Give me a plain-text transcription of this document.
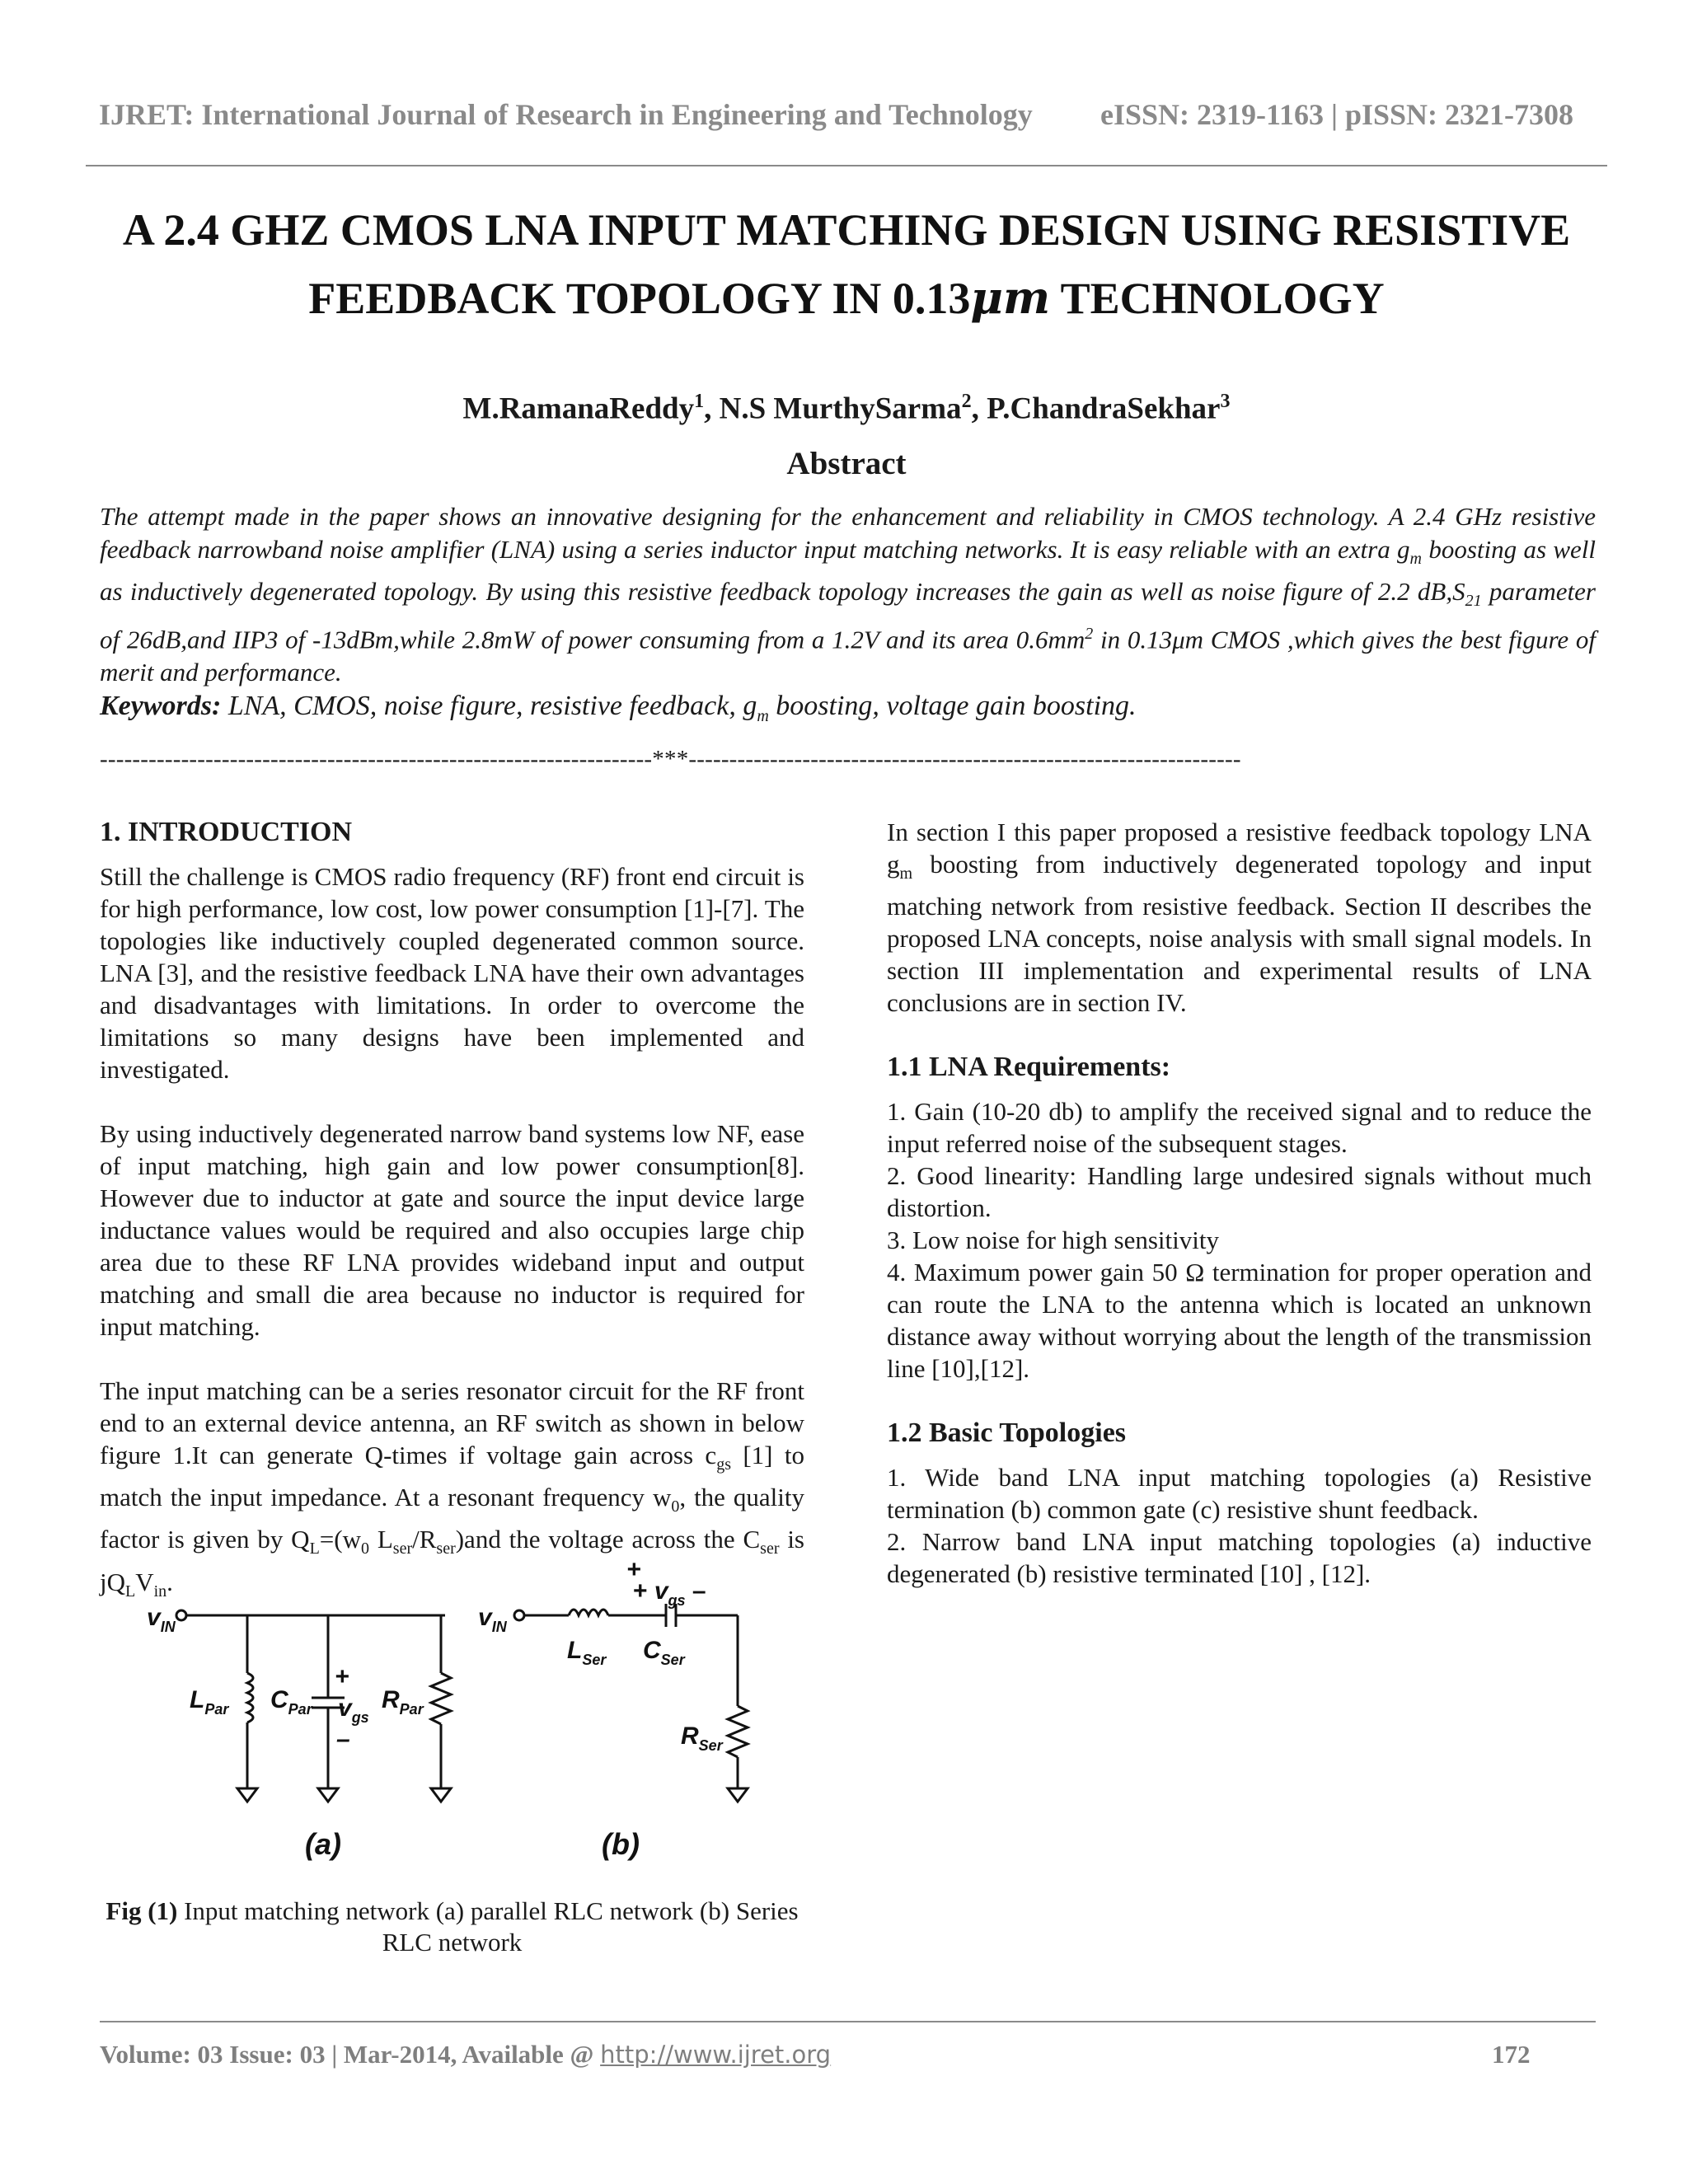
IJRET: International Journal of Research in Engineering and Technology eISSN: 2319-1163 | pISSN: 2321-7308
A 2.4 GHZ CMOS LNA INPUT MATCHING DESIGN USING RESISTIVE
FEEDBACK TOPOLOGY IN 0.13μm TECHNOLOGY
M.RamanaReddy$^1$, N.S MurthySarma$^2$, P.ChandraSekhar$^3$
Abstract
The attempt made in the paper shows an innovative designing for the enhancement and reliability in CMOS technology. A 2.4 GHz resistive feedback narrowband noise amplifier (LNA) using a series inductor input matching networks. It is easy reliable with an extra $g_m$ boosting as well as inductively degenerated topology. By using this resistive feedback topology increases the gain as well as noise figure of 2.2 $dB,S_{21}$ parameter of 26dB,and IIP3 of -13dBm,while 2.8mW of power consuming from a 1.2V and its area $0.6mm^2$ in 0.13μm CMOS ,which gives the best figure of merit and performance.
Keywords: LNA, CMOS, noise figure, resistive feedback, $g_m$ boosting, voltage gain boosting.
--------------------------------------------------------------------***--------------------------------------------------------------------
1. INTRODUCTION

Still the challenge is CMOS radio frequency (RF) front end circuit is for high performance, low cost, low power consumption [1]-[7]. The topologies like inductively coupled degenerated common source. LNA [3], and the resistive feedback LNA have their own advantages and disadvantages with limitations. In order to overcome the limitations so many designs have been implemented and investigated.

By using inductively degenerated narrow band systems low NF, ease of input matching, high gain and low power consumption[8]. However due to inductor at gate and source the input device large inductance values would be required and also occupies large chip area due to these RF LNA provides wideband input and output matching and small die area because no inductor is required for input matching.

The input matching can be a series resonator circuit for the RF front end to an external device antenna, an RF switch as shown in below figure 1.It can generate Q-times if voltage gain across $c_{gs}$ [1] to match the input impedance. At a resonant frequency $w_0$, the quality factor is given by $Q_L=(w_0$ $L_{ser}/R_{ser})and$ the voltage across the $C_{ser}$ is $jQ_LV_{in}$.

$v_{IN}$
$L_{Par}$ $C_{Par}$
+
$v_{gs}$
–
$R_{Par}$
$v_{IN}$
$L_{Ser}$ $C_{Ser}$
+
$R_{Ser}$
(a)	(b)
+ $v_{gs}$ –
Fig (1) Input matching network (a) parallel RLC network (b) Series RLC network

In section I this paper proposed a resistive feedback topology LNA $g_m$ boosting from inductively degenerated topology and input matching network from resistive feedback. Section II describes the proposed LNA concepts, noise analysis with small signal models. In section III implementation and experimental results of LNA conclusions are in section IV.

1.1 LNA Requirements:
1. Gain (10-20 db) to amplify the received signal and to reduce the input referred noise of the subsequent stages.
2. Good linearity: Handling large undesired signals without much distortion.
3. Low noise for high sensitivity
4. Maximum power gain 50 Ω termination for proper operation and can route the LNA to the antenna which is located an unknown distance away without worrying about the length of the transmission line [10],[12].
1.2 Basic Topologies
1. Wide band LNA input matching topologies (a) Resistive termination (b) common gate (c) resistive shunt feedback.
2. Narrow band LNA input matching topologies (a) inductive degenerated (b) resistive terminated [10] , [12].
Volume: 03 Issue: 03 | Mar-2014, Available @ http://www.ijret.org	172
